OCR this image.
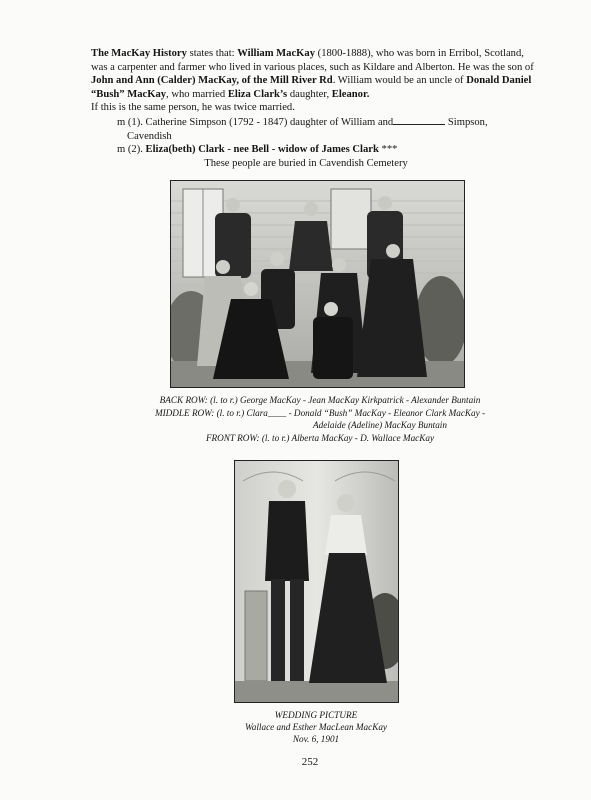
The MacKay History states that: William MacKay (1800-1888), who was born in Erribol, Scotland, was a carpenter and farmer who lived in various places, such as Kildare and Alberton. He was the son of John and Ann (Calder) MacKay, of the Mill River Rd. William would be an uncle of Donald Daniel “Bush” MacKay, who married Eliza Clark’s daughter, Eleanor.
If this is the same person, he was twice married.
m (1). Catherine Simpson (1792 - 1847) daughter of William and	Simpson,
Cavendish
m (2). Eliza(beth) Clark - nee Bell - widow of James Clark ***
These people are buried in Cavendish Cemetery
BACK ROW: (l. to r.) George MacKay - Jean MacKay Kirkpatrick - Alexander Buntain
MIDDLE ROW: (l. to r.) Clara____ - Donald “Bush” MacKay - Eleanor Clark MacKay -
Adelaide (Adeline) MacKay Buntain
FRONT ROW: (l. to r.) Alberta MacKay - D. Wallace MacKay
WEDDING PICTURE
Wallace and Esther MacLean MacKay
Nov. 6, 1901
252
